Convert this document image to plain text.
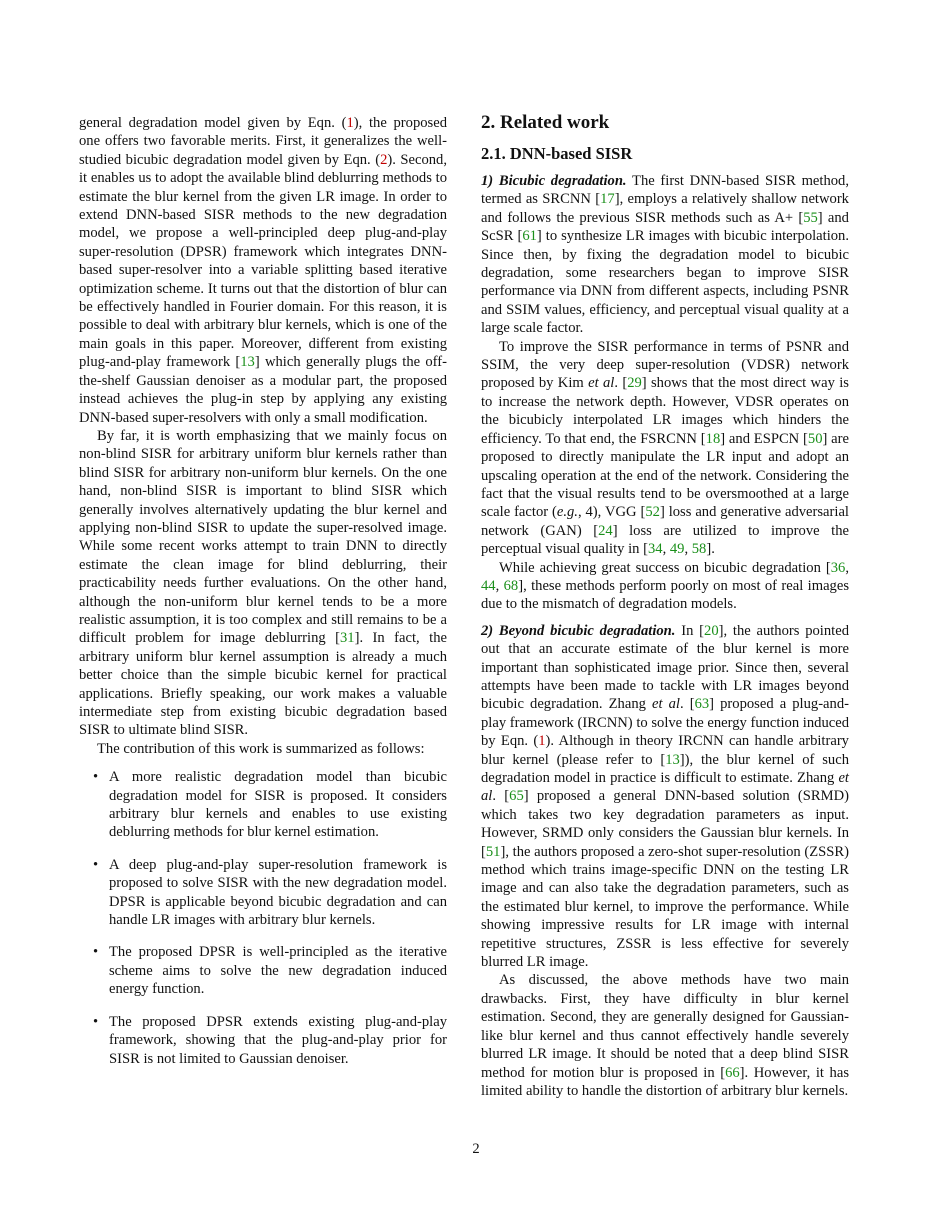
general degradation model given by Eqn. (1), the proposed one offers two favorable merits. First, it generalizes the well-studied bicubic degradation model given by Eqn. (2). Second, it enables us to adopt the available blind deblurring methods to estimate the blur kernel from the given LR image. In order to extend DNN-based SISR methods to the new degradation model, we propose a well-principled deep plug-and-play super-resolution (DPSR) framework which integrates DNN-based super-resolver into a variable splitting based iterative optimization scheme. It turns out that the distortion of blur can be effectively handled in Fourier domain. For this reason, it is possible to deal with arbitrary blur kernels, which is one of the main goals in this paper. Moreover, different from existing plug-and-play framework [13] which generally plugs the off-the-shelf Gaussian denoiser as a modular part, the proposed instead achieves the plug-in step by applying any existing DNN-based super-resolvers with only a small modification.

By far, it is worth emphasizing that we mainly focus on non-blind SISR for arbitrary uniform blur kernels rather than blind SISR for arbitrary non-uniform blur kernels. On the one hand, non-blind SISR is important to blind SISR which generally involves alternatively updating the blur kernel and applying non-blind SISR to update the super-resolved image. While some recent works attempt to train DNN to directly estimate the clean image for blind deblurring, their practicability needs further evaluations. On the other hand, although the non-uniform blur kernel tends to be a more realistic assumption, it is too complex and still remains to be a difficult problem for image deblurring [31]. In fact, the arbitrary uniform blur kernel assumption is already a much better choice than the simple bicubic kernel for practical applications. Briefly speaking, our work makes a valuable intermediate step from existing bicubic degradation based SISR to ultimate blind SISR.

The contribution of this work is summarized as follows:

• A more realistic degradation model than bicubic degradation model for SISR is proposed. It considers arbitrary blur kernels and enables to use existing deblurring methods for blur kernel estimation.
• A deep plug-and-play super-resolution framework is proposed to solve SISR with the new degradation model. DPSR is applicable beyond bicubic degradation and can handle LR images with arbitrary blur kernels.
• The proposed DPSR is well-principled as the iterative scheme aims to solve the new degradation induced energy function.
• The proposed DPSR extends existing plug-and-play framework, showing that the plug-and-play prior for SISR is not limited to Gaussian denoiser.
2. Related work
2.1. DNN-based SISR

1) Bicubic degradation. The first DNN-based SISR method, termed as SRCNN [17], employs a relatively shallow network and follows the previous SISR methods such as A+ [55] and ScSR [61] to synthesize LR images with bicubic interpolation. Since then, by fixing the degradation model to bicubic degradation, some researchers began to improve SISR performance via DNN from different aspects, including PSNR and SSIM values, efficiency, and perceptual visual quality at a large scale factor.

To improve the SISR performance in terms of PSNR and SSIM, the very deep super-resolution (VDSR) network proposed by Kim et al. [29] shows that the most direct way is to increase the network depth. However, VDSR operates on the bicubicly interpolated LR images which hinders the efficiency. To that end, the FSRCNN [18] and ESPCN [50] are proposed to directly manipulate the LR input and adopt an upscaling operation at the end of the network. Considering the fact that the visual results tend to be oversmoothed at a large scale factor (e.g., 4), VGG [52] loss and generative adversarial network (GAN) [24] loss are utilized to improve the perceptual visual quality in [34, 49, 58].

While achieving great success on bicubic degradation [36, 44, 68], these methods perform poorly on most of real images due to the mismatch of degradation models.

2) Beyond bicubic degradation. In [20], the authors pointed out that an accurate estimate of the blur kernel is more important than sophisticated image prior. Since then, several attempts have been made to tackle with LR images beyond bicubic degradation. Zhang et al. [63] proposed a plug-and-play framework (IRCNN) to solve the energy function induced by Eqn. (1). Although in theory IRCNN can handle arbitrary blur kernel (please refer to [13]), the blur kernel of such degradation model in practice is difficult to estimate. Zhang et al. [65] proposed a general DNN-based solution (SRMD) which takes two key degradation parameters as input. However, SRMD only considers the Gaussian blur kernels. In [51], the authors proposed a zero-shot super-resolution (ZSSR) method which trains image-specific DNN on the testing LR image and can also take the degradation parameters, such as the estimated blur kernel, to improve the performance. While showing impressive results for LR image with internal repetitive structures, ZSSR is less effective for severely blurred LR image.

As discussed, the above methods have two main drawbacks. First, they have difficulty in blur kernel estimation. Second, they are generally designed for Gaussian-like blur kernel and thus cannot effectively handle severely blurred LR image. It should be noted that a deep blind SISR method for motion blur is proposed in [66]. However, it has limited ability to handle the distortion of arbitrary blur kernels.

2
